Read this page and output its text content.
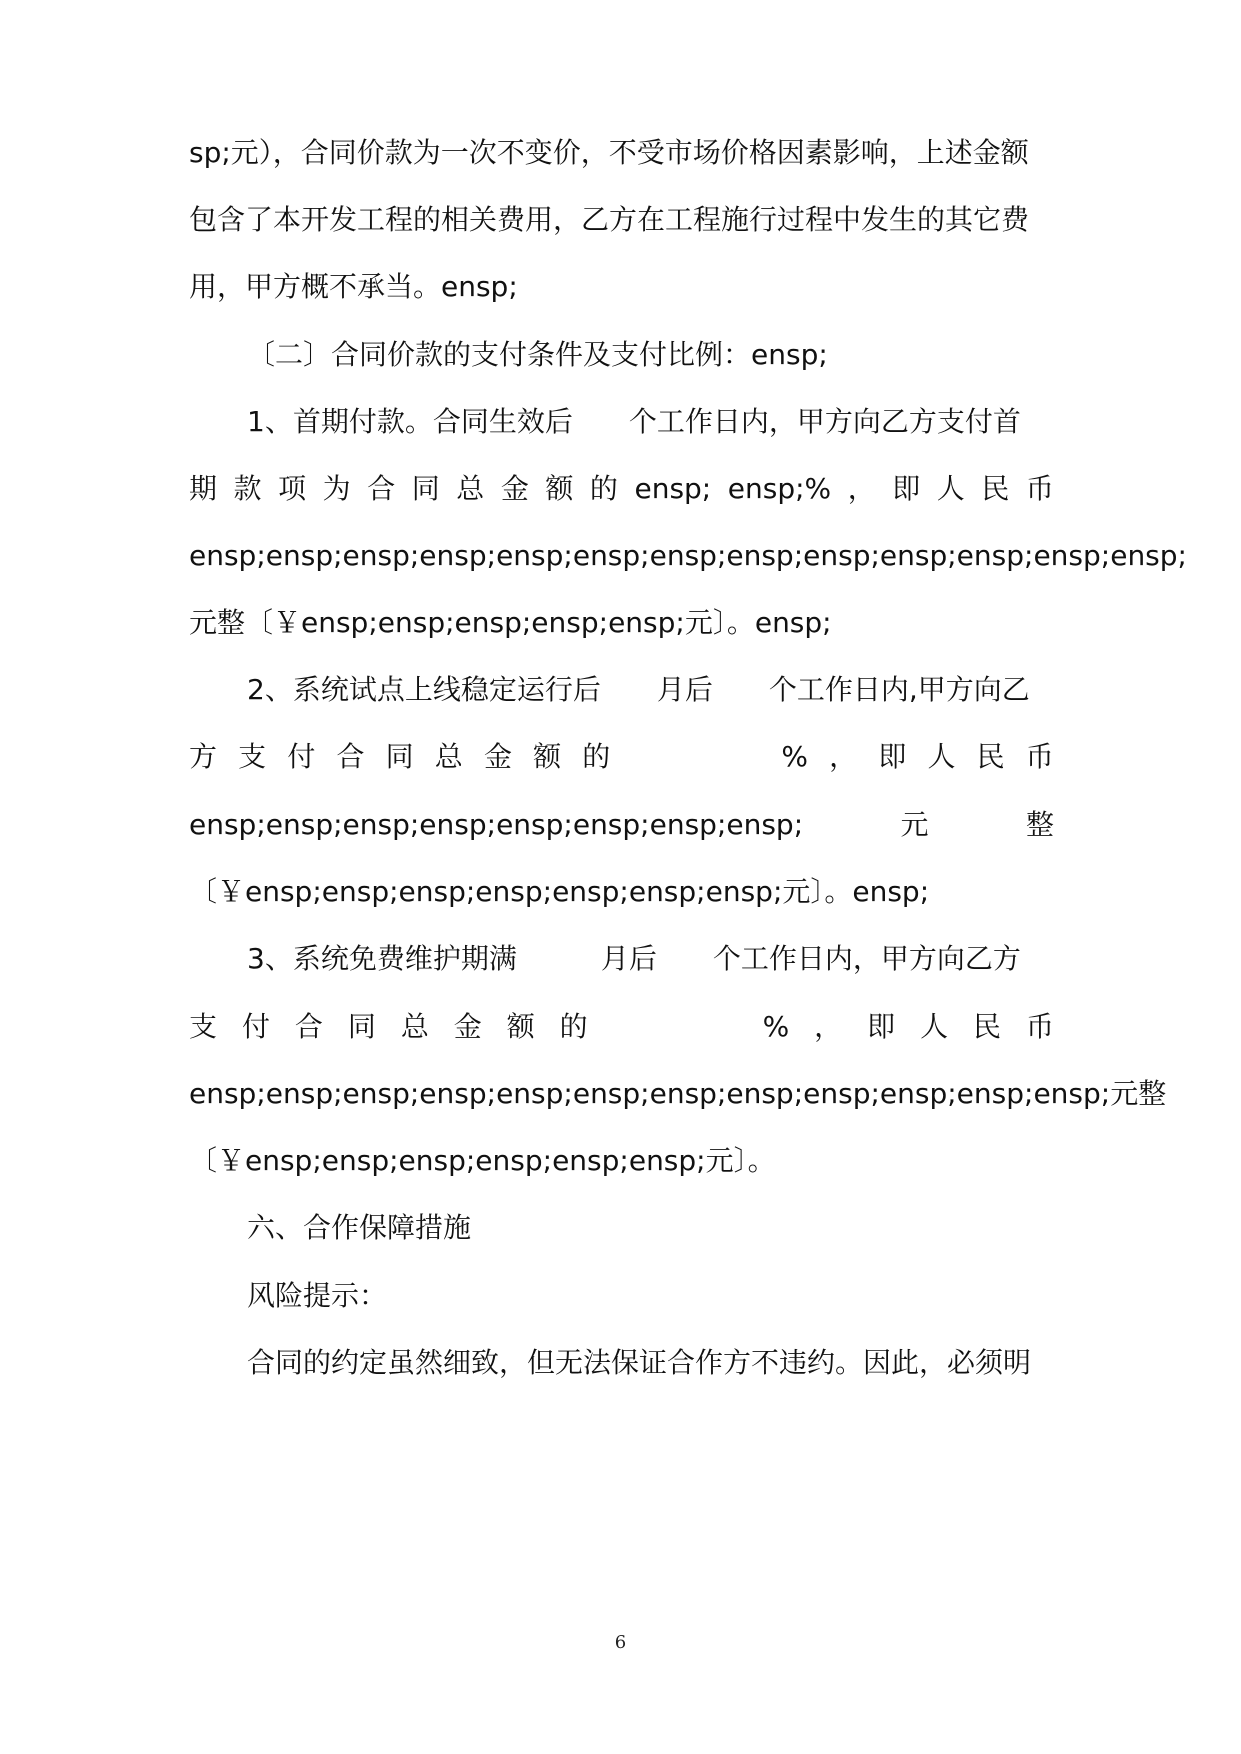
sp;元），合同价款为一次不变价，不受市场价格因素影响，上述金额
包含了本开发工程的相关费用，乙方在工程施行过程中发生的其它费
用，甲方概不承当。ensp;
〔二〕合同价款的支付条件及支付比例：ensp;
1、首期付款。合同生效后　　个工作日内，甲方向乙方支付首
期 款 项 为 合 同 总 金 额 的 ensp; ensp;% ， 即 人 民 币
ensp;ensp;ensp;ensp;ensp;ensp;ensp;ensp;ensp;ensp;ensp;ensp;ensp;
元整〔￥ensp;ensp;ensp;ensp;ensp;元〕。ensp;
2、系统试点上线稳定运行后　　月后　　个工作日内,甲方向乙
方 支 付 合 同 总 金 额 的	% ， 即 人 民 币
ensp;ensp;ensp;ensp;ensp;ensp;ensp;ensp;	元	整
〔￥ensp;ensp;ensp;ensp;ensp;ensp;ensp;元〕。ensp;
3、系统免费维护期满　　　月后　　个工作日内，甲方向乙方
支 付 合 同 总 金 额 的	% ， 即 人 民 币
ensp;ensp;ensp;ensp;ensp;ensp;ensp;ensp;ensp;ensp;ensp;ensp; 元 整
〔￥ensp;ensp;ensp;ensp;ensp;ensp;元〕。
六、合作保障措施
风险提示：
合同的约定虽然细致，但无法保证合作方不违约。因此，必须明
6
